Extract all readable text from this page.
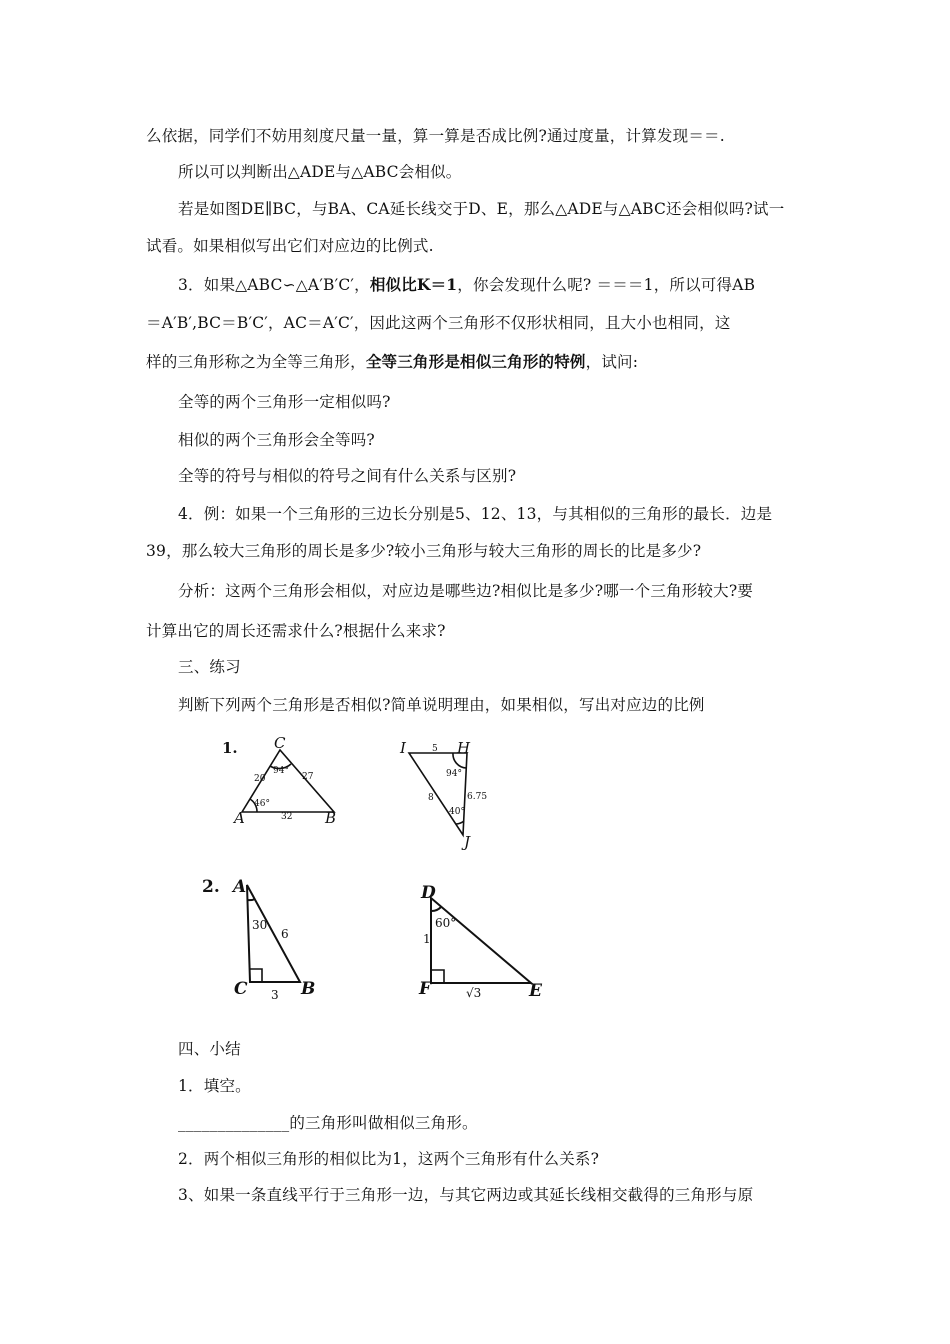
么依据，同学们不妨用刻度尺量一量，算一算是否成比例?通过度量，计算发现＝＝.
所以可以判断出△ADE与△ABC会相似。
若是如图DE∥BC，与BA、CA延长线交于D、E，那么△ADE与△ABC还会相似吗?试一
试看。如果相似写出它们对应边的比例式.
3．如果△ABC∽△A′B′C′，相似比K＝1，你会发现什么呢? ＝＝＝1，所以可得AB
＝A′B′,BC＝B′C′，AC＝A′C′，因此这两个三角形不仅形状相同，且大小也相同，这
样的三角形称之为全等三角形，全等三角形是相似三角形的特例，试问:
全等的两个三角形一定相似吗?
相似的两个三角形会全等吗?
全等的符号与相似的符号之间有什么关系与区别?
4．例：如果一个三角形的三边长分别是5、12、13，与其相似的三角形的最长．边是
39，那么较大三角形的周长是多少?较小三角形与较大三角形的周长的比是多少?
分析：这两个三角形会相似，对应边是哪些边?相似比是多少?哪一个三角形较大?要
计算出它的周长还需求什么?根据什么来求?
三、练习
判断下列两个三角形是否相似?简单说明理由，如果相似，写出对应边的比例
1. C
A	B
I	H
J
20	27
32
94°
46°
5
8	6.75
94°
40°
2. A
C	B
D
F	E
30
6
3
60°
1
√3
四、小结
1．填空。
______________的三角形叫做相似三角形。
2．两个相似三角形的相似比为1，这两个三角形有什么关系?
3、如果一条直线平行于三角形一边，与其它两边或其延长线相交截得的三角形与原
